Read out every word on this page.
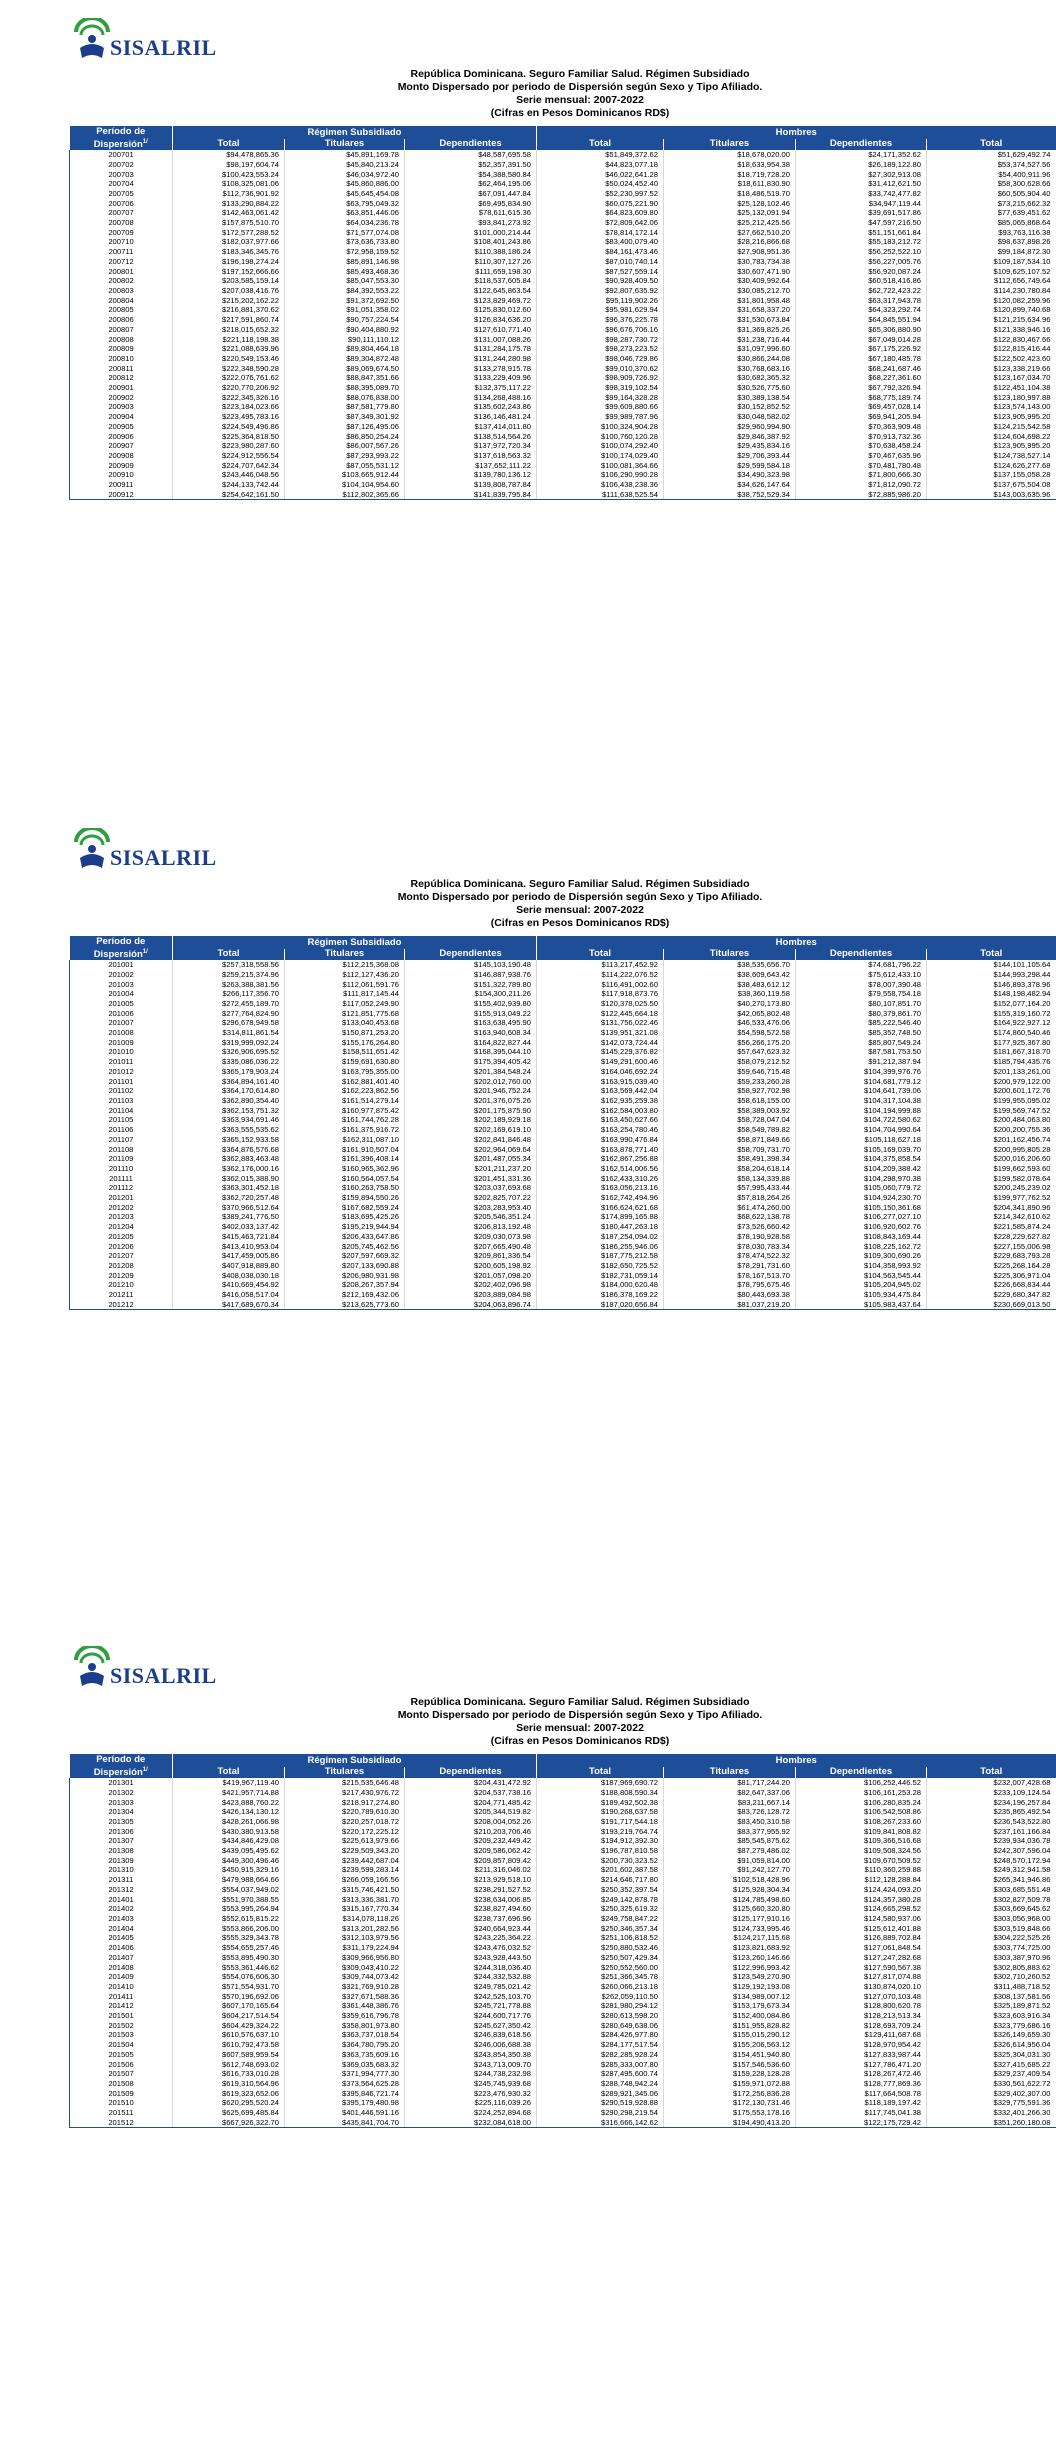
SISALRIL
República Dominicana. Seguro Familiar Salud. Régimen Subsidiado
Monto Dispersado por periodo de Dispersión según Sexo y Tipo Afiliado.
Serie mensual: 2007-2022
(Cifras en Pesos Dominicanos RD$)
Período de Dispersión$^{1/}$	Régimen Subsidiado			Hombres			
	Total	Titulares	Dependientes	Total	Titulares	Dependientes	Total
200701	$94,478,865.36	$45,891,169.78	$48,587,695.58	$51,849,372.62	$18,678,020.00	$24,171,352.62	$51,629,492.74
200702	$98,197,604.74	$45,840,213.24	$52,357,391.50	$44,823,077.18	$18,633,954.38	$26,189,122.80	$53,374,527.56
200703	$100,423,553.24	$46,034,972.40	$54,388,580.84	$46,022,641.28	$18,719,728.20	$27,302,913.08	$54,400,911.96
200704	$108,325,081.06	$45,860,886.00	$62,464,195.06	$50,024,452.40	$18,611,830.90	$31,412,621.50	$58,300,628.66
200705	$112,736,901.92	$45,645,454.08	$67,091,447.84	$52,230,997.52	$18,486,519.70	$33,742,477.82	$60,505,904.40
200706	$133,290,884.22	$63,795,049.32	$69,495,834.90	$60,075,221.90	$25,128,102.46	$34,947,119.44	$73,215,662.32
200707	$142,463,061.42	$63,851,446.06	$78,611,615.36	$64,823,609.80	$25,132,091.94	$39,691,517.86	$77,639,451.62
200708	$157,875,510.70	$64,034,236.78	$93,841,273.92	$72,809,642.06	$25,212,425.56	$47,597,216.50	$85,065,868.64
200709	$172,577,288.52	$71,577,074.08	$101,000,214.44	$78,814,172.14	$27,662,510.20	$51,151,661.84	$93,763,116.38
200710	$182,037,977.66	$73,636,733.80	$108,401,243.86	$83,400,079.40	$28,216,866.68	$55,183,212.72	$98,637,898.26
200711	$183,346,345.76	$72,958,159.52	$110,388,186.24	$84,161,473.46	$27,908,951.36	$56,252,522.10	$99,184,872.30
200712	$196,198,274.24	$85,891,146.98	$110,307,127.26	$87,010,740.14	$30,783,734.38	$56,227,005.76	$109,187,534.10
200801	$197,152,666.66	$85,493,468.36	$111,659,198.30	$87,527,559.14	$30,607,471.90	$56,920,087.24	$109,625,107.52
200802	$203,585,159.14	$85,047,553.30	$118,537,605.84	$90,928,409.50	$30,409,992.64	$60,518,416.86	$112,656,749.64
200803	$207,038,416.76	$84,392,553.22	$122,645,863.54	$92,807,635.92	$30,085,212.70	$62,722,423.22	$114,230,780.84
200804	$215,202,162.22	$91,372,692.50	$123,829,469.72	$95,119,902.26	$31,801,958.48	$63,317,943.78	$120,082,259.96
200805	$216,881,370.62	$91,051,358.02	$125,830,012.60	$95,981,629.94	$31,658,337.20	$64,323,292.74	$120,899,740.68
200806	$217,591,860.74	$90,757,224.54	$126,834,636.20	$96,376,225.78	$31,530,673.84	$64,845,551.94	$121,215,634.96
200807	$218,015,652.32	$90,404,880.92	$127,610,771.40	$96,676,706.16	$31,369,825.26	$65,306,880.90	$121,338,946.16
200808	$221,118,198.38	$90,111,110.12	$131,007,088.26	$98,287,730.72	$31,238,716.44	$67,049,014.28	$122,830,467.66
200809	$221,088,639.96	$89,804,464.18	$131,284,175.78	$98,273,223.52	$31,097,996.60	$67,175,226.92	$122,815,416.44
200810	$220,549,153.46	$89,304,872.48	$131,244,280.98	$98,046,729.86	$30,866,244.08	$67,180,485.78	$122,502,423.60
200811	$222,348,590.28	$89,069,674.50	$133,278,915.78	$99,010,370.62	$30,768,683.16	$68,241,687.46	$123,338,219.66
200812	$222,076,761.62	$88,847,351.66	$133,229,409.96	$98,909,726.92	$30,682,365.32	$68,227,361.60	$123,167,034.70
200901	$220,770,206.92	$88,395,089.70	$132,375,117.22	$98,319,102.54	$30,526,775.60	$67,792,326.94	$122,451,104.38
200902	$222,345,326.16	$88,076,838.00	$134,268,488.16	$99,164,328.28	$30,389,138.54	$68,775,189.74	$123,180,997.88
200903	$223,184,023.66	$87,581,779.80	$135,602,243.86	$99,609,880.66	$30,152,852.52	$69,457,028.14	$123,574,143.00
200904	$223,495,783.16	$87,349,301.92	$136,146,481.24	$99,989,787.96	$30,048,582.02	$69,941,205.94	$123,905,995.20
200905	$224,549,496.86	$87,126,495.06	$137,414,011.80	$100,324,904.28	$29,960,994.90	$70,363,909.48	$124,215,542.58
200906	$225,364,818.50	$86,850,254.24	$138,514,564.26	$100,760,120.28	$29,846,387.92	$70,913,732.36	$124,604,698.22
200907	$223,980,287.60	$86,007,567.26	$137,972,720.34	$100,074,292.40	$29,435,834.16	$70,638,458.24	$123,905,995.20
200908	$224,912,556.54	$87,293,993.22	$137,618,563.32	$100,174,029.40	$29,706,393.44	$70,467,635.96	$124,738,527.14
200909	$224,707,642.34	$87,055,531.12	$137,652,111.22	$100,081,364.66	$29,599,584.18	$70,481,780.48	$124,626,277.68
200910	$243,446,048.56	$103,665,912.44	$139,780,136.12	$106,290,990.28	$34,490,323.98	$71,800,666.30	$137,155,058.28
200911	$244,133,742.44	$104,104,954.60	$139,808,787.84	$106,438,238.36	$34,626,147.64	$71,812,090.72	$137,675,504.08
200912	$254,642,161.50	$112,802,365.66	$141,839,795.84	$111,638,525.54	$38,752,529.34	$72,885,986.20	$143,003,635.96
SISALRIL
República Dominicana. Seguro Familiar Salud. Régimen Subsidiado
Monto Dispersado por periodo de Dispersión según Sexo y Tipo Afiliado.
Serie mensual: 2007-2022
(Cifras en Pesos Dominicanos RD$)
Período de Dispersión$^{1/}$	Régimen Subsidiado			Hombres			
	Total	Titulares	Dependientes	Total	Titulares	Dependientes	Total
201001	$257,318,558.56	$112,215,368.08	$145,103,190.48	$113,217,452.92	$38,535,656.70	$74,681,796.22	$144,101,105.64
201002	$259,215,374.96	$112,127,436.20	$146,887,938.76	$114,222,076.52	$38,609,643.42	$75,612,433.10	$144,993,298.44
201003	$263,388,381.56	$112,061,591.76	$151,322,789.80	$116,491,002.60	$38,483,612.12	$78,007,390.48	$146,893,378.96
201004	$266,117,356.70	$111,817,145.44	$154,300,211.26	$117,918,873.76	$38,360,119.58	$79,558,754.18	$148,198,482.94
201005	$272,455,189.70	$117,052,249.90	$155,402,939.80	$120,378,025.50	$40,270,173.80	$80,107,851.70	$152,077,164.20
201006	$277,764,824.90	$121,851,775.68	$155,913,049.22	$122,445,664.18	$42,065,802.48	$80,379,861.70	$155,319,160.72
201007	$296,678,949.58	$133,040,453.68	$163,638,495.90	$131,756,022.46	$46,533,476.06	$85,222,546.40	$164,922,927.12
201008	$314,811,861.54	$150,871,253.20	$163,940,608.34	$139,951,321.08	$54,598,572.58	$85,352,748.50	$174,860,540.46
201009	$319,999,092.24	$155,176,264.80	$164,822,827.44	$142,073,724.44	$56,266,175.20	$85,807,549.24	$177,925,367.80
201010	$326,906,695.52	$158,511,651.42	$168,395,044.10	$145,229,376.82	$57,647,623.32	$87,581,753.50	$181,667,318.70
201011	$335,086,036.22	$159,691,630.80	$175,394,405.42	$149,291,600.46	$58,079,212.52	$91,212,387.94	$185,794,435.76
201012	$365,179,903.24	$163,795,355.00	$201,384,548.24	$164,046,692.24	$59,646,715.48	$104,399,976.76	$201,133,261.00
201101	$364,894,161.40	$162,881,401.40	$202,012,760.00	$163,915,039.40	$59,233,260.28	$104,681,779.12	$200,979,122.00
201102	$364,170,614.80	$162,223,862.56	$201,946,752.24	$163,569,442.04	$58,927,702.98	$104,641,739.06	$200,601,172.76
201103	$362,890,354.40	$161,514,279.14	$201,376,075.26	$162,935,259.38	$58,618,155.00	$104,317,104.38	$199,955,095.02
201104	$362,153,751.32	$160,977,875.42	$201,175,875.90	$162,584,003.80	$58,389,003.92	$104,194,999.88	$199,569,747.52
201105	$363,934,691.46	$161,744,762.28	$202,189,929.18	$163,450,627.66	$58,728,047.04	$104,722,580.62	$200,484,063.80
201106	$363,555,535.62	$161,375,916.72	$202,169,619.10	$163,254,780.46	$58,549,789.82	$104,704,990.64	$200,200,755.36
201107	$365,152,933.58	$162,311,087.10	$202,841,846.48	$163,990,476.84	$58,871,849.66	$105,118,627.18	$201,162,456.74
201108	$364,876,576.68	$161,910,507.04	$202,964,069.64	$163,878,771.40	$58,709,731.70	$105,169,039.70	$200,995,805.28
201109	$362,883,463.48	$161,396,408.14	$201,487,055.34	$162,867,256.88	$58,491,398.34	$104,375,858.54	$200,016,206.60
201110	$362,176,000.16	$160,965,362.96	$201,211,237.20	$162,514,006.56	$58,204,618.14	$104,209,388.42	$199,662,593.60
201111	$362,015,388.90	$160,564,057.54	$201,451,331.36	$162,433,310.26	$58,134,339.88	$104,298,970.38	$199,582,078.64
201112	$363,301,452.18	$160,263,758.50	$203,037,693.68	$163,056,213.16	$57,995,433.44	$105,060,779.72	$200,245,239.02
201201	$362,720,257.48	$159,894,550.26	$202,825,707.22	$162,742,494.96	$57,818,264.26	$104,924,230.70	$199,977,762.52
201202	$370,966,512.64	$167,682,559.24	$203,283,953.40	$166,624,621.68	$61,474,260.00	$105,150,361.68	$204,341,890.96
201203	$389,241,776.50	$183,695,425.26	$205,546,351.24	$174,899,165.88	$68,622,138.78	$106,277,027.10	$214,342,610.62
201204	$402,033,137.42	$195,219,944.94	$206,813,192.48	$180,447,263.18	$73,526,660.42	$106,920,602.76	$221,585,874.24
201205	$415,463,721.84	$206,433,647.86	$209,030,073.98	$187,254,094.02	$78,190,928.58	$108,843,169.44	$228,229,627.82
201206	$413,410,953.04	$205,745,462.56	$207,665,490.48	$186,255,946.06	$78,030,783.34	$108,225,162.72	$227,155,006.98
201207	$417,459,005.86	$207,597,669.32	$209,861,336.54	$187,775,212.58	$78,474,522.32	$109,300,690.26	$229,683,793.28
201208	$407,918,889.80	$207,133,690.88	$200,605,198.92	$182,650,725.52	$78,291,731.60	$104,358,993.92	$225,268,164.28
201209	$408,038,030.18	$206,980,931.98	$201,057,098.20	$182,731,059.14	$78,167,513.70	$104,563,545.44	$225,306,971.04
201210	$410,669,454.92	$208,267,357.94	$202,402,096.98	$184,000,620.48	$78,795,675.46	$105,204,945.02	$226,668,834.44
201211	$416,058,517.04	$212,169,432.06	$203,889,084.98	$186,378,169.22	$80,443,693.38	$105,934,475.84	$229,680,347.82
201212	$417,689,670.34	$213,625,773.60	$204,063,896.74	$187,020,656.84	$81,037,219.20	$105,983,437.64	$230,669,013.50
SISALRIL
República Dominicana. Seguro Familiar Salud. Régimen Subsidiado
Monto Dispersado por periodo de Dispersión según Sexo y Tipo Afiliado.
Serie mensual: 2007-2022
(Cifras en Pesos Dominicanos RD$)
Período de Dispersión$^{1/}$	Régimen Subsidiado			Hombres			
	Total	Titulares	Dependientes	Total	Titulares	Dependientes	Total
201301	$419,967,119.40	$215,535,646.48	$204,431,472.92	$187,969,690.72	$81,717,244.20	$106,252,446.52	$232,007,428.68
201302	$421,957,714.88	$217,430,976.72	$204,537,738.16	$188,808,590.34	$82,647,337.06	$106,161,253.28	$233,109,124.54
201303	$423,888,760.22	$218,917,274.80	$204,771,485.42	$189,492,502.38	$83,211,667.14	$106,280,835.24	$234,196,257.84
201304	$426,134,130.12	$220,789,610.30	$205,344,519.82	$190,268,637.58	$83,726,128.72	$106,542,508.86	$235,865,492.54
201305	$428,261,066.98	$220,257,018.72	$208,004,052.26	$191,717,544.18	$83,450,310.58	$108,267,233.60	$236,543,522.80
201306	$430,380,913.58	$220,172,225.12	$210,203,706.46	$193,219,764.74	$83,377,955.92	$109,841,808.82	$237,161,166.84
201307	$434,846,429.08	$225,613,979.66	$209,232,449.42	$194,912,392.30	$85,545,875.62	$109,366,516.68	$239,934,036.78
201308	$439,095,495.62	$229,509,343.20	$209,586,062.42	$196,787,810.58	$87,279,486.02	$109,508,324.56	$242,307,596.04
201309	$449,300,496.46	$239,442,687.04	$209,857,809.42	$200,730,323.52	$91,059,814.00	$109,670,509.52	$248,570,172.94
201310	$450,915,329.16	$239,599,283.14	$211,316,046.02	$201,602,387.58	$91,242,127.70	$110,360,259.88	$249,312,941.58
201311	$479,988,664.66	$266,059,166.56	$213,929,518.10	$214,646,717.80	$102,518,428.96	$112,128,288.84	$265,341,946.86
201312	$554,037,949.02	$315,746,421.50	$238,291,527.52	$250,352,397.54	$125,928,304.34	$124,424,093.20	$303,685,551.48
201401	$551,970,388.55	$313,336,381.70	$238,634,006.85	$249,142,878.78	$124,785,498.60	$124,357,380.28	$302,827,509.78
201402	$553,995,264.94	$315,167,770.34	$238,827,494.60	$250,325,619.32	$125,660,320.80	$124,665,298.52	$303,669,645.62
201403	$552,615,815.22	$314,078,118.26	$238,737,696.96	$249,758,847.22	$125,177,910.16	$124,580,937.06	$303,056,968.00
201404	$553,866,206.00	$313,201,282.56	$240,664,923.44	$250,346,357.34	$124,733,995.46	$125,612,401.88	$303,519,848.66
201405	$555,329,343.78	$312,103,979.56	$243,225,364.22	$251,106,818.52	$124,217,115.68	$126,889,702.84	$304,222,525.26
201406	$554,655,257.46	$311,179,224.94	$243,476,032.52	$250,880,532.46	$123,821,683.92	$127,061,848.54	$303,774,725.00
201407	$553,895,490.30	$309,966,956.80	$243,928,443.50	$250,507,429.34	$123,260,146.66	$127,247,282.68	$303,387,970.96
201408	$553,361,446.62	$309,043,410.22	$244,318,036.40	$250,552,560.00	$122,996,993.42	$127,590,567.38	$302,805,883.62
201409	$554,076,606.30	$309,744,073.42	$244,332,532.88	$251,366,345.78	$123,549,270.90	$127,817,074.88	$302,710,260.52
201410	$571,554,931.70	$321,769,910.28	$249,785,021.42	$260,066,213.18	$129,192,193.08	$130,874,020.10	$311,488,718.52
201411	$570,196,692.06	$327,671,588.36	$242,525,103.70	$262,059,110.50	$134,989,007.12	$127,070,103.48	$308,137,581.56
201412	$607,170,165.64	$361,448,386.76	$245,721,778.88	$281,980,294.12	$153,179,673.34	$128,800,620.78	$325,189,871.52
201501	$604,217,514.54	$359,616,796.78	$244,600,717.76	$280,613,598.20	$152,400,084.86	$128,213,513.34	$323,603,916.34
201502	$604,429,324.22	$358,801,973.80	$245,627,350.42	$280,649,638.06	$151,955,828.82	$128,693,709.24	$323,779,686.16
201503	$610,576,637.10	$363,737,018.54	$246,839,618.56	$284,426,977.80	$155,015,290.12	$129,411,687.68	$326,149,659.30
201504	$610,792,473.58	$364,780,795.20	$246,006,688.38	$284,177,517.54	$155,206,563.12	$128,970,954.42	$326,614,956.04
201505	$607,589,959.54	$363,735,609.16	$243,854,350.38	$282,285,928.24	$154,451,940.80	$127,833,987.44	$325,304,031.30
201506	$612,748,693.02	$369,035,683.32	$243,713,009.70	$285,333,007.80	$157,546,536.60	$127,786,471.20	$327,415,685.22
201507	$616,733,010.28	$371,994,777.30	$244,738,232.98	$287,495,600.74	$159,228,128.28	$128,267,472.46	$329,237,409.54
201508	$619,310,564.96	$373,564,625.28	$245,745,939.68	$288,748,942.24	$159,971,072.88	$128,777,869.36	$330,561,622.72
201509	$619,323,652.06	$395,846,721.74	$223,476,930.32	$289,921,345.06	$172,256,836.28	$117,664,508.78	$329,402,307.00
201510	$620,295,520.24	$395,179,480.98	$225,116,039.26	$290,519,928.88	$172,130,731.46	$118,189,197.42	$329,775,591.36
201511	$625,699,485.84	$401,446,591.16	$224,252,894.68	$290,298,219.54	$175,553,178.16	$117,745,041.38	$332,401,266.30
201512	$667,926,322.70	$435,841,704.70	$232,084,618.00	$316,666,142.62	$194,490,413.20	$122,175,729.42	$351,260,180.08
